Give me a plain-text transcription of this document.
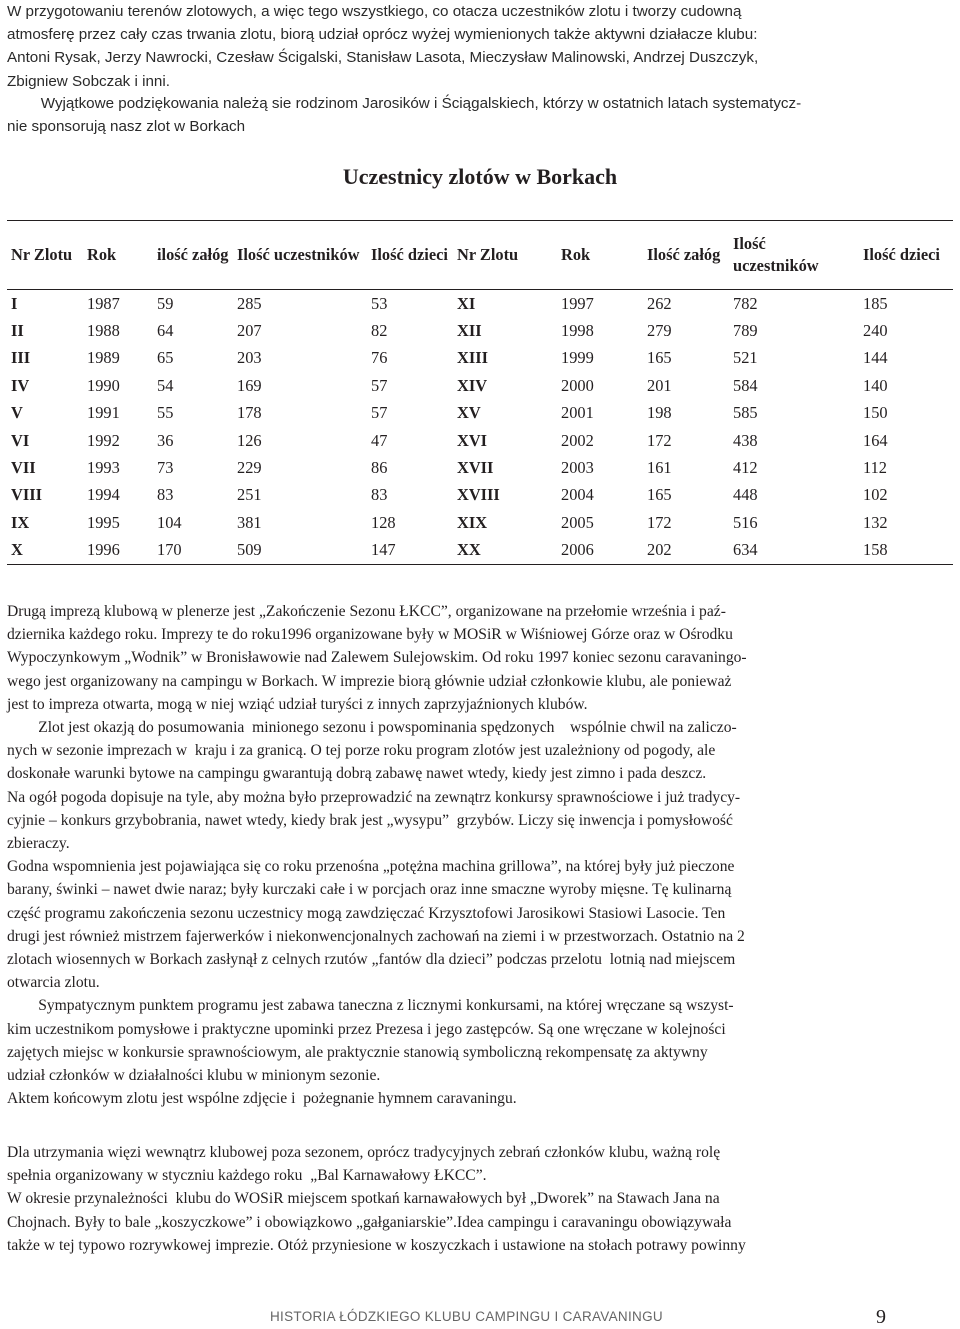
W przygotowaniu terenów zlotowych, a więc tego wszystkiego, co otacza uczestników zlotu i tworzy cudowną
atmosferę przez cały czas trwania zlotu, biorą udział oprócz wyżej wymienionych także aktywni działacze klubu:
Antoni Rysak, Jerzy Nawrocki, Czesław Ścigalski, Stanisław Lasota, Mieczysław Malinowski, Andrzej Duszczyk,
Zbigniew Sobczak i inni.

Wyjątkowe podziękowania należą sie rodzinom Jarosików i Ściągalskiech, którzy w ostatnich latach systematycz-
nie sponsorują nasz zlot w Borkach

Uczestnicy zlotów w Borkach
Nr Zlotu	Rok	ilość załóg	Ilość uczestników	Ilość dzieci	Nr Zlotu	Rok	Ilość załóg	Ilość uczestników	Ilość dzieci
I	1987	59	285	53	XI	1997	262	782	185
II	1988	64	207	82	XII	1998	279	789	240
III	1989	65	203	76	XIII	1999	165	521	144
IV	1990	54	169	57	XIV	2000	201	584	140
V	1991	55	178	57	XV	2001	198	585	150
VI	1992	36	126	47	XVI	2002	172	438	164
VII	1993	73	229	86	XVII	2003	161	412	112
VIII	1994	83	251	83	XVIII	2004	165	448	102
IX	1995	104	381	128	XIX	2005	172	516	132
X	1996	170	509	147	XX	2006	202	634	158
Drugą imprezą klubową w plenerze jest „Zakończenie Sezonu ŁKCC”, organizowane na przełomie września i paź-
dziernika każdego roku. Imprezy te do roku1996 organizowane były w MOSiR w Wiśniowej Górze oraz w Ośrodku
Wypoczynkowym „Wodnik” w Bronisławowie nad Zalewem Sulejowskim. Od roku 1997 koniec sezonu caravaningo-
wego jest organizowany na campingu w Borkach. W imprezie biorą głównie udział członkowie klubu, ale ponieważ
jest to impreza otwarta, mogą w niej wziąć udział turyści z innych zaprzyjaźnionych klubów.
Zlot jest okazją do posumowania  minionego sezonu i powspominania spędzonych    wspólnie chwil na zaliczo-
nych w sezonie imprezach w  kraju i za granicą. O tej porze roku program zlotów jest uzależniony od pogody, ale
doskonałe warunki bytowe na campingu gwarantują dobrą zabawę nawet wtedy, kiedy jest zimno i pada deszcz.
Na ogół pogoda dopisuje na tyle, aby można było przeprowadzić na zewnątrz konkursy sprawnościowe i już tradycy-
cyjnie – konkurs grzybobrania, nawet wtedy, kiedy brak jest „wysypu”  grzybów. Liczy się inwencja i pomysłowość
zbieraczy.
Godna wspomnienia jest pojawiająca się co roku przenośna „potężna machina grillowa”, na której były już pieczone
barany, świnki – nawet dwie naraz; były kurczaki całe i w porcjach oraz inne smaczne wyroby mięsne. Tę kulinarną
część programu zakończenia sezonu uczestnicy mogą zawdzięczać Krzysztofowi Jarosikowi Stasiowi Lasocie. Ten
drugi jest również mistrzem fajerwerków i niekonwencjonalnych zachowań na ziemi i w przestworzach. Ostatnio na 2
zlotach wiosennych w Borkach zasłynął z celnych rzutów „fantów dla dzieci” podczas przelotu  lotnią nad miejscem
otwarcia zlotu.
Sympatycznym punktem programu jest zabawa taneczna z licznymi konkursami, na której wręczane są wszyst-
kim uczestnikom pomysłowe i praktyczne upominki przez Prezesa i jego zastępców. Są one wręczane w kolejności
zajętych miejsc w konkursie sprawnościowym, ale praktycznie stanowią symboliczną rekompensatę za aktywny
udział członków w działalności klubu w minionym sezonie.
Aktem końcowym zlotu jest wspólne zdjęcie i  pożegnanie hymnem caravaningu.
Dla utrzymania więzi wewnątrz klubowej poza sezonem, oprócz tradycyjnych zebrań członków klubu, ważną rolę
spełnia organizowany w styczniu każdego roku  „Bal Karnawałowy ŁKCC”.
W okresie przynależności  klubu do WOSiR miejscem spotkań karnawałowych był „Dworek” na Stawach Jana na
Chojnach. Były to bale „koszyczkowe” i obowiązkowo „gałganiarskie”.Idea campingu i caravaningu obowiązywała
także w tej typowo rozrywkowej imprezie. Otóż przyniesione w koszyczkach i ustawione na stołach potrawy powinny
HISTORIA ŁÓDZKIEGO KLUBU CAMPINGU I CARAVANINGU	9
